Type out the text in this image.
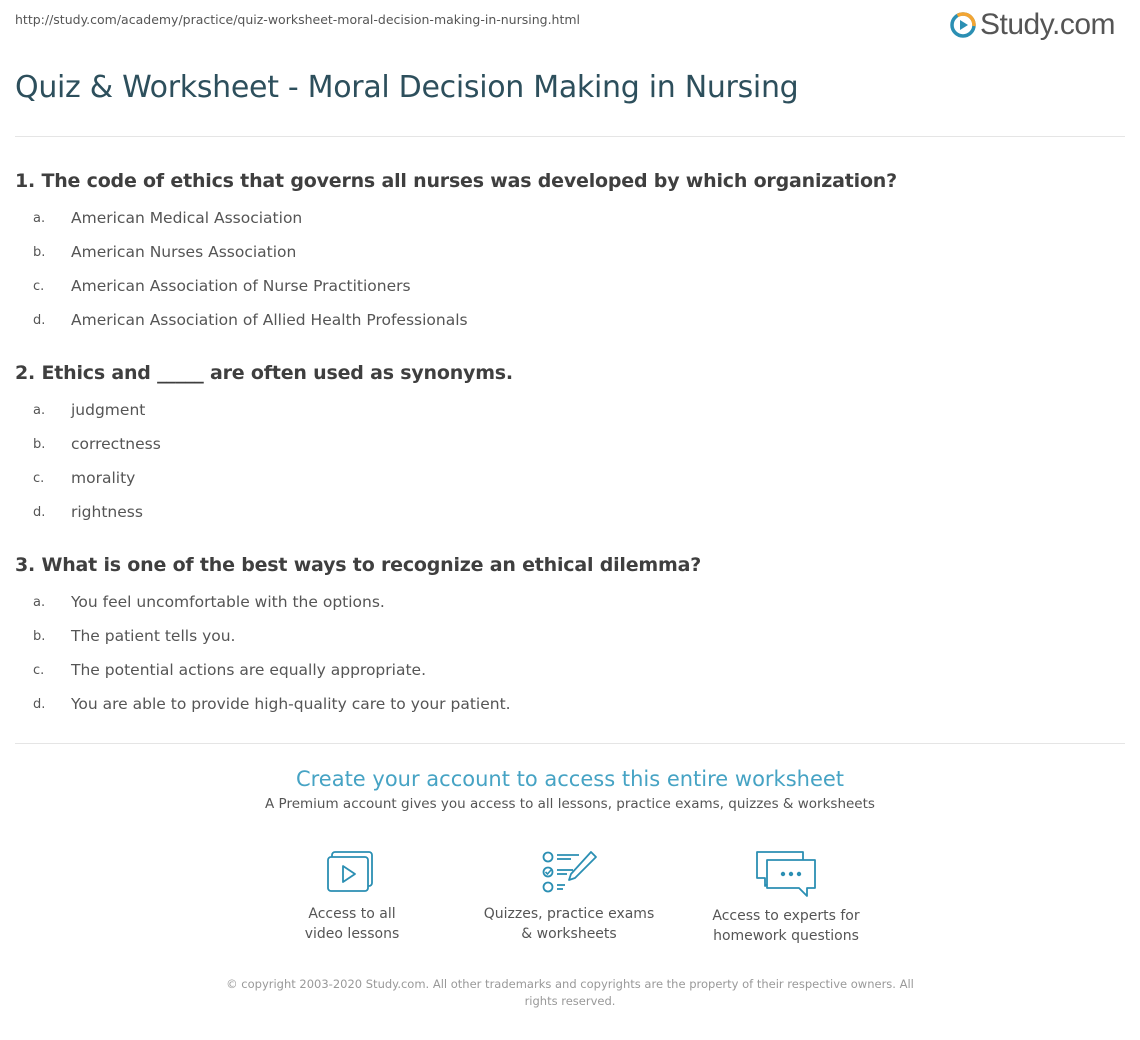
http://study.com/academy/practice/quiz-worksheet-moral-decision-making-in-nursing.html	Study.com
Quiz & Worksheet - Moral Decision Making in Nursing

1. The code of ethics that governs all nurses was developed by which organization?

a.	American Medical Association
b.	American Nurses Association
c.	American Association of Nurse Practitioners
d.	American Association of Allied Health Professionals

2. Ethics and _____ are often used as synonyms.

a.	judgment
b.	correctness
c.	morality
d.	rightness

3. What is one of the best ways to recognize an ethical dilemma?

a.	You feel uncomfortable with the options.
b.	The patient tells you.
c.	The potential actions are equally appropriate.
d.	You are able to provide high-quality care to your patient.

Create your account to access this entire worksheet

A Premium account gives you access to all lessons, practice exams, quizzes & worksheets
Access to all
video lessons
Quizzes, practice exams
& worksheets
Access to experts for
homework questions
© copyright 2003-2020 Study.com. All other trademarks and copyrights are the property of their respective owners. All rights reserved.
